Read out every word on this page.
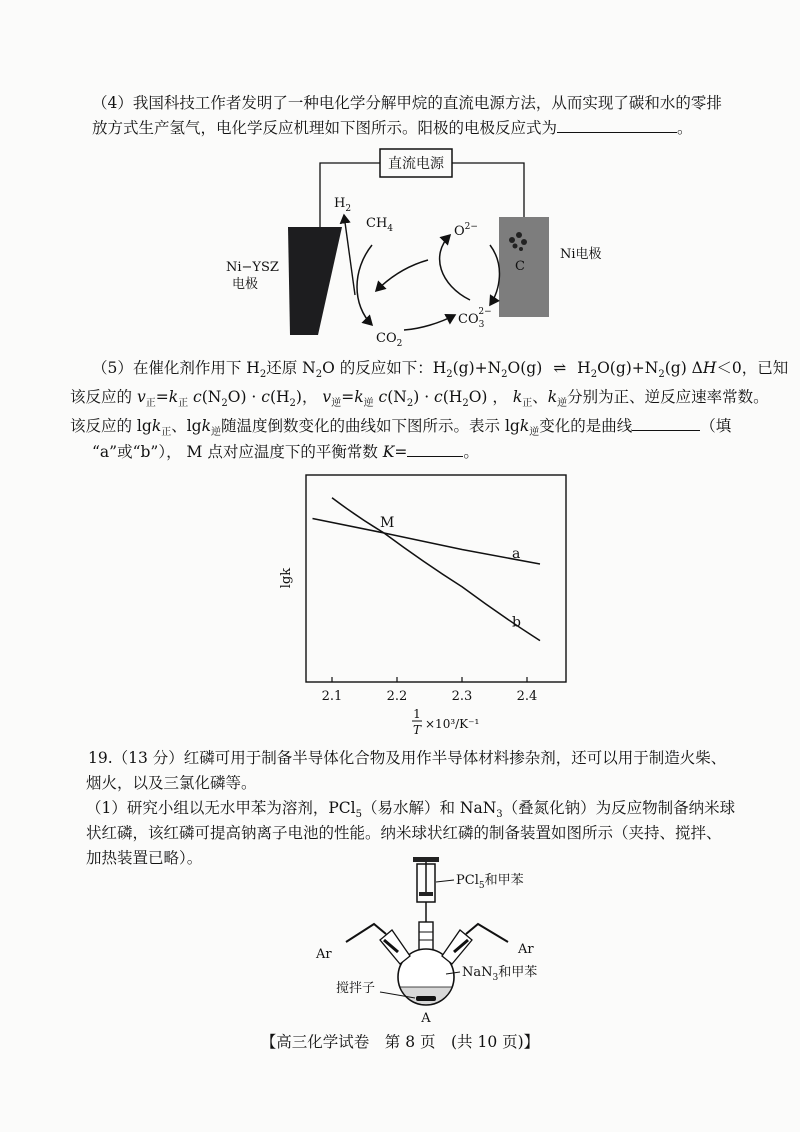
（4）我国科技工作者发明了一种电化学分解甲烷的直流电源方法，从而实现了碳和水的零排
放方式生产氢气，电化学反应机理如下图所示。阳极的电极反应式为	。
直流电源
Ni−YSZ
电极
C
Ni电极
$H_2$
$CH_4$	$O^{2-}$
$CO_32-$
$CO_2$
（5）在催化剂作用下 $H_2$还原 $N_2O$ 的反应如下：$H_2(g)+N_2O(g)$ ⇌ $H_2O(g)+N_2(g)$ ΔH＜0，已知
该反应的 $v_正=k_正$ $c(N_2O) \cdot c(H_2)$， $v_逆=k_逆$ $c(N_2) \cdot c(H_2O)$ ， $k_正$、$k_逆$分别为正、逆反应速率常数。
该反应的 lgk$_正$、lgk$_逆$随温度倒数变化的曲线如下图所示。表示 lgk$_逆$变化的是曲线	（填
“a”或“b”）， M 点对应温度下的平衡常数 K=	。
lgk
2.1	2.2	2.3	2.4
a
b
M
1
T ×10³/K⁻¹
19.（13 分）红磷可用于制备半导体化合物及用作半导体材料掺杂剂，还可以用于制造火柴、
烟火，以及三氯化磷等。
（1）研究小组以无水甲苯为溶剂，PCl$_5$（易水解）和 NaN$_3$（叠氮化钠）为反应物制备纳米球
状红磷，该红磷可提高钠离子电池的性能。纳米球状红磷的制备装置如图所示（夹持、搅拌、
加热装置已略）。
PCl$_5$和甲苯
Ar	Ar
NaN$_3$和甲苯
搅拌子
A
【高三化学试卷　第 8 页　(共 10 页)】
